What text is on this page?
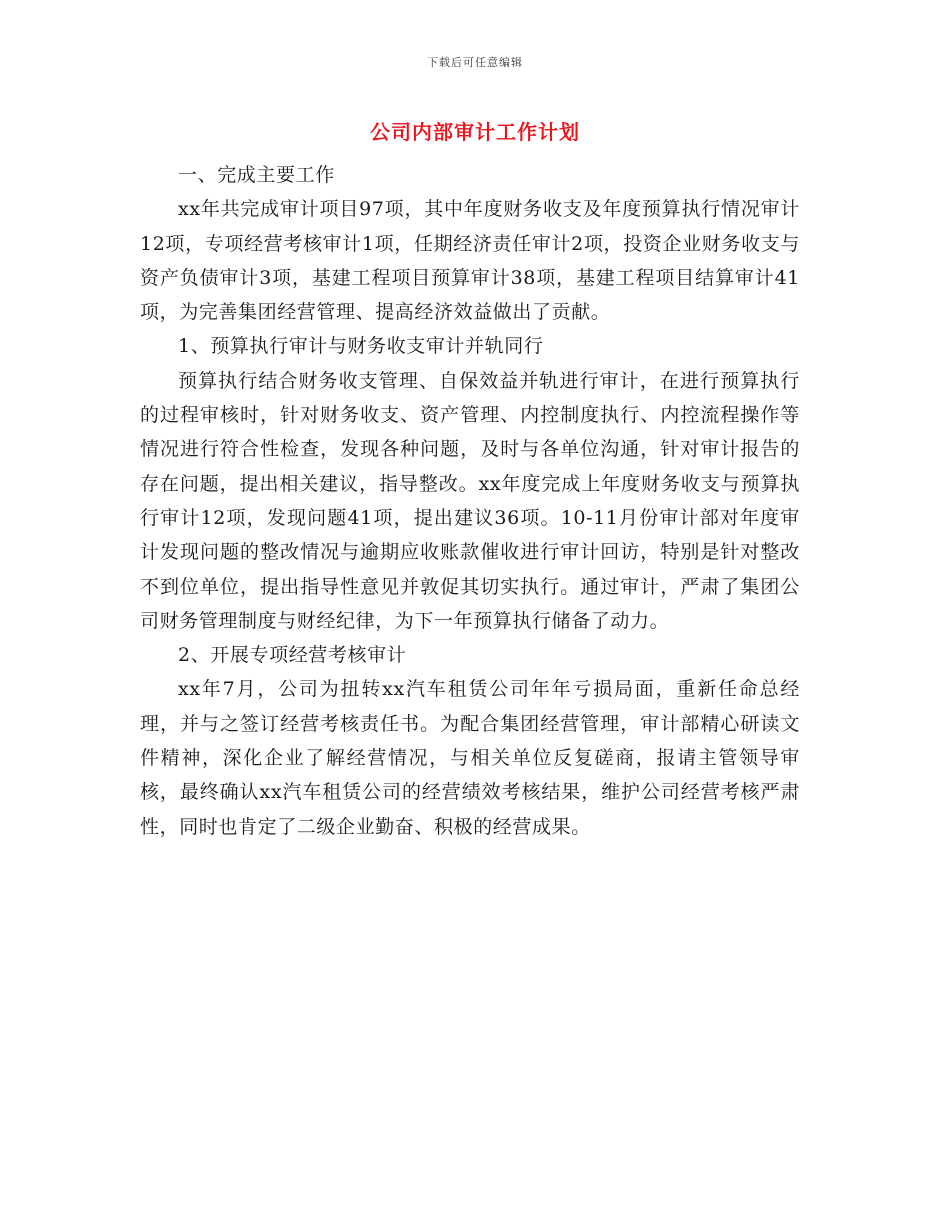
下载后可任意编辑
公司内部审计工作计划

一、完成主要工作

xx年共完成审计项目97项，其中年度财务收支及年度预算执行情况审计12项，专项经营考核审计1项，任期经济责任审计2项，投资企业财务收支与资产负债审计3项，基建工程项目预算审计38项，基建工程项目结算审计41项，为完善集团经营管理、提高经济效益做出了贡献。

1、预算执行审计与财务收支审计并轨同行

预算执行结合财务收支管理、自保效益并轨进行审计，在进行预算执行的过程审核时，针对财务收支、资产管理、内控制度执行、内控流程操作等情况进行符合性检查，发现各种问题，及时与各单位沟通，针对审计报告的存在问题，提出相关建议，指导整改。xx年度完成上年度财务收支与预算执行审计12项，发现问题41项，提出建议36项。10-11月份审计部对年度审计发现问题的整改情况与逾期应收账款催收进行审计回访，特别是针对整改不到位单位，提出指导性意见并敦促其切实执行。通过审计，严肃了集团公司财务管理制度与财经纪律，为下一年预算执行储备了动力。

2、开展专项经营考核审计

xx年7月，公司为扭转xx汽车租赁公司年年亏损局面，重新任命总经理，并与之签订经营考核责任书。为配合集团经营管理，审计部精心研读文件精神，深化企业了解经营情况，与相关单位反复磋商，报请主管领导审核，最终确认xx汽车租赁公司的经营绩效考核结果，维护公司经营考核严肃性，同时也肯定了二级企业勤奋、积极的经营成果。
